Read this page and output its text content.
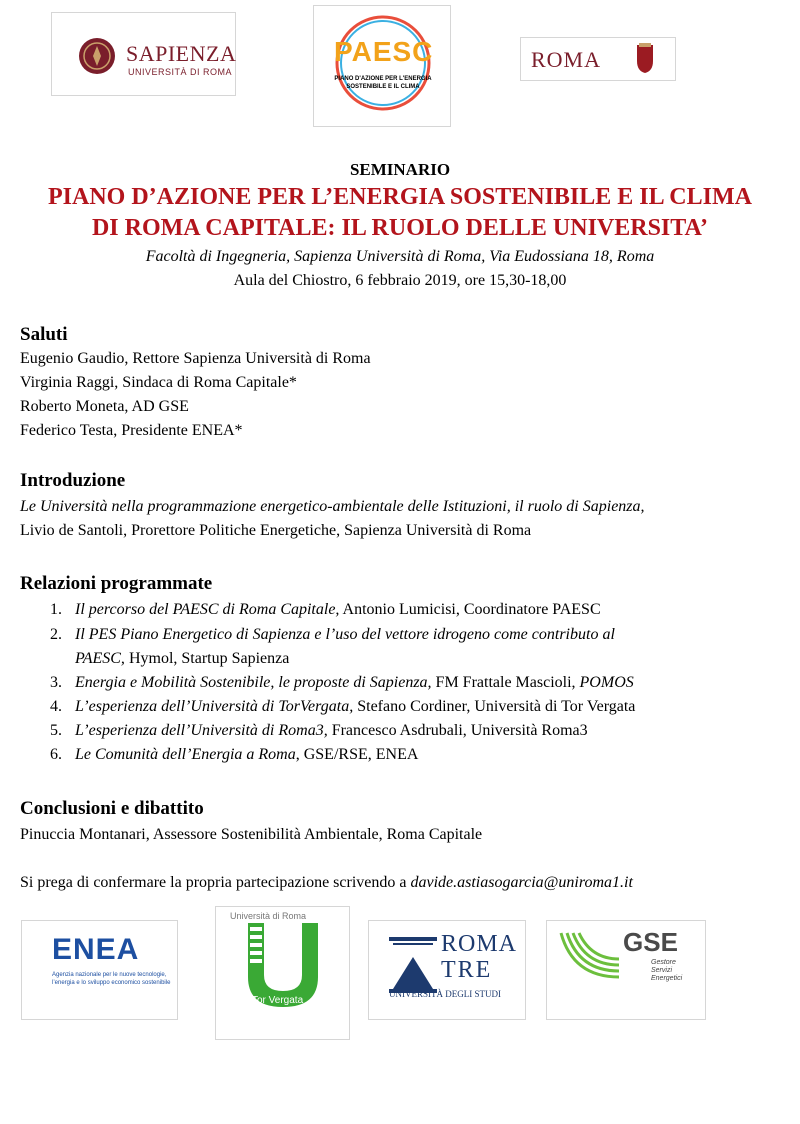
SAPIENZA
UNIVERSITÀ DI ROMA
PAESC
PIANO D'AZIONE PER L'ENERGIA
SOSTENIBILE E IL CLIMA
ROMA
SEMINARIO
PIANO D’AZIONE PER L’ENERGIA SOSTENIBILE E IL CLIMA
DI ROMA CAPITALE: IL RUOLO DELLE UNIVERSITA’
Facoltà di Ingegneria, Sapienza Università di Roma, Via Eudossiana 18, Roma
Aula del Chiostro, 6 febbraio 2019, ore 15,30-18,00
Saluti
Eugenio Gaudio, Rettore Sapienza Università di Roma
Virginia Raggi, Sindaca di Roma Capitale*
Roberto Moneta, AD GSE
Federico Testa, Presidente ENEA*
Introduzione
Le Università nella programmazione energetico-ambientale delle Istituzioni, il ruolo di Sapienza,
Livio de Santoli, Prorettore Politiche Energetiche, Sapienza Università di Roma
Relazioni programmate
1. Il percorso del PAESC di Roma Capitale, Antonio Lumicisi, Coordinatore PAESC
2. Il PES Piano Energetico di Sapienza e l’uso del vettore idrogeno come contributo al
PAESC, Hymol, Startup Sapienza
3. Energia e Mobilità Sostenibile, le proposte di Sapienza, FM Frattale Mascioli, POMOS
4. L’esperienza dell’Università di TorVergata, Stefano Cordiner, Università di Tor Vergata
5. L’esperienza dell’Università di Roma3, Francesco Asdrubali, Università Roma3
6. Le Comunità dell’Energia a Roma, GSE/RSE, ENEA
Conclusioni e dibattito
Pinuccia Montanari, Assessore Sostenibilità Ambientale, Roma Capitale
Si prega di confermare la propria partecipazione scrivendo a davide.astiasogarcia@uniroma1.it
ENEA
Agenzia nazionale per le nuove tecnologie,
l’energia e lo sviluppo economico sostenibile
Università di Roma
Tor Vergata
ROMA
TRE
UNIVERSITÀ DEGLI STUDI
GSE
Gestore
Servizi
Energetici
